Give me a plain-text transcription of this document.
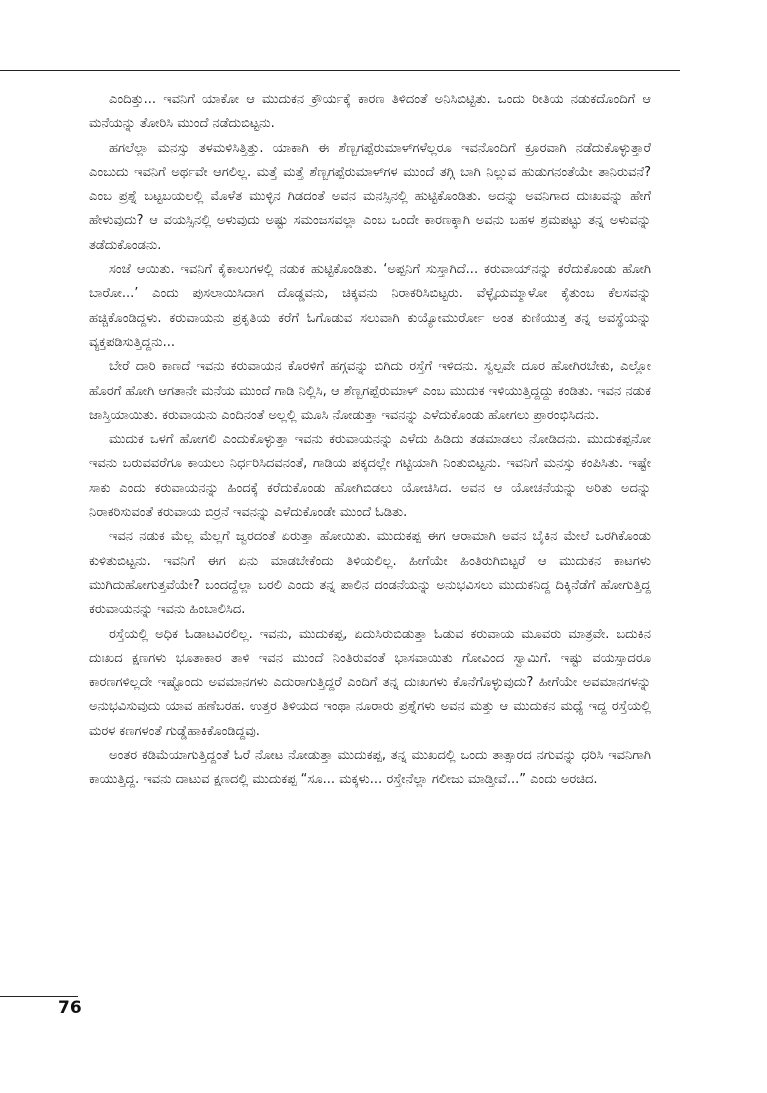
ಎಂದಿತ್ತು... ಇವನಿಗೆ ಯಾಕೋ ಆ ಮುದುಕನ ಕ್ರೌರ್ಯಕ್ಕೆ ಕಾರಣ ತಿಳಿದಂತೆ ಅನಿಸಿಬಿಟ್ಟಿತು. ಒಂದು ರೀತಿಯ ನಡುಕದೊಂದಿಗೆ ಆ ಮನೆಯನ್ನು ತೋರಿಸಿ ಮುಂದೆ ನಡೆದುಬಿಟ್ಟನು.

ಹಗಲೆಲ್ಲಾ ಮನಸ್ಸು ತಳಮಳಿಸಿತ್ತಿತ್ತು. ಯಾಕಾಗಿ ಈ ಶೆಣ್ಬಗಪ್ಪೆರುಮಾಳ್‍ಗಳೆಲ್ಲರೂ ಇವನೊಂದಿಗೆ ಕ್ರೂರವಾಗಿ ನಡೆದುಕೊಳ್ಳುತ್ತಾರೆ ಎಂಬುದು ಇವನಿಗೆ ಅರ್ಥವೇ ಆಗಲಿಲ್ಲ. ಮತ್ತೆ ಮತ್ತೆ ಶೆಣ್ಬಗಪ್ಪೆರುಮಾಳ್‍ಗಳ ಮುಂದೆ ತಗ್ಗಿ ಬಾಗಿ ನಿಲ್ಲುವ ಹುಡುಗನಂತೆಯೇ ತಾನಿರುವನೆ? ಎಂಬ ಪ್ರಶ್ನೆ ಬಟ್ಟಬಯಲಲ್ಲಿ ಮೊಳೆತ ಮುಳ್ಳಿನ ಗಿಡದಂತೆ ಅವನ ಮನಸ್ಸಿನಲ್ಲಿ ಹುಟ್ಟಿಕೊಂಡಿತು. ಅದನ್ನು ಅವನಿಗಾದ ದುಃಖವನ್ನು ಹೇಗೆ ಹೇಳುವುದು? ಆ ವಯಸ್ಸಿನಲ್ಲಿ ಅಳುವುದು ಅಷ್ಟು ಸಮಂಜಸವಲ್ಲಾ ಎಂಬ ಒಂದೇ ಕಾರಣಕ್ಕಾಗಿ ಅವನು ಬಹಳ ಶ್ರಮಪಟ್ಟು ತನ್ನ ಅಳುವನ್ನು ತಡೆದುಕೊಂಡನು.

ಸಂಜೆ ಆಯಿತು. ಇವನಿಗೆ ಕೈಕಾಲುಗಳಲ್ಲಿ ನಡುಕ ಹುಟ್ಟಿಕೊಂಡಿತು. ‘ಅಪ್ಪನಿಗೆ ಸುಸ್ತಾಗಿದೆ... ಕರುವಾಯ್‍ನನ್ನು ಕರೆದುಕೊಂಡು ಹೋಗಿ ಬಾರೋ...’ ಎಂದು ಪುಸಲಾಯಿಸಿದಾಗ ದೊಡ್ಡವನು, ಚಿಕ್ಕವನು ನಿರಾಕರಿಸಿಬಿಟ್ಟರು. ವೆಳ್ಳೈಯಮ್ಮಾಳೋ ಕೈತುಂಬ ಕೆಲಸವನ್ನು ಹಚ್ಚಿಕೊಂಡಿದ್ದಳು. ಕರುವಾಯನು ಪ್ರಕೃತಿಯ ಕರೆಗೆ ಓಗೊಡುವ ಸಲುವಾಗಿ ಕುಯ್ಯೋಮುರ್ರೋ ಅಂತ ಕುಣಿಯುತ್ತ ತನ್ನ ಅವಸ್ಥೆಯನ್ನು ವ್ಯಕ್ತಪಡಿಸುತ್ತಿದ್ದನು...

ಬೇರೆ ದಾರಿ ಕಾಣದೆ ಇವನು ಕರುವಾಯನ ಕೊರಳಿಗೆ ಹಗ್ಗವನ್ನು ಬಿಗಿದು ರಸ್ತೆಗೆ ಇಳಿದನು. ಸ್ವಲ್ಪವೇ ದೂರ ಹೋಗಿರಬೇಕು, ಎಲ್ಲೋ ಹೊರಗೆ ಹೋಗಿ ಆಗತಾನೇ ಮನೆಯ ಮುಂದೆ ಗಾಡಿ ನಿಲ್ಲಿಸಿ, ಆ ಶೆಣ್ಬಗಪ್ಪೆರುಮಾಳ್ ಎಂಬ ಮುದುಕ ಇಳಿಯುತ್ತಿದ್ದದ್ದು ಕಂಡಿತು. ಇವನ ನಡುಕ ಜಾಸ್ತಿಯಾಯಿತು. ಕರುವಾಯನು ಎಂದಿನಂತೆ ಅಲ್ಲಲ್ಲಿ ಮೂಸಿ ನೋಡುತ್ತಾ ಇವನನ್ನು ಎಳೆದುಕೊಂಡು ಹೋಗಲು ಪ್ರಾರಂಭಿಸಿದನು.

ಮುದುಕ ಒಳಗೆ ಹೋಗಲಿ ಎಂದುಕೊಳ್ಳುತ್ತಾ ಇವನು ಕರುವಾಯನನ್ನು ಎಳೆದು ಹಿಡಿದು ತಡಮಾಡಲು ನೋಡಿದನು. ಮುದುಕಪ್ಪನೋ ಇವನು ಬರುವವರೆಗೂ ಕಾಯಲು ನಿರ್ಧರಿಸಿದವನಂತೆ, ಗಾಡಿಯ ಪಕ್ಕದಲ್ಲೇ ಗಟ್ಟಿಯಾಗಿ ನಿಂತುಬಿಟ್ಟನು. ಇವನಿಗೆ ಮನಸ್ಸು ಕಂಪಿಸಿತು. ಇಷ್ಟೇ ಸಾಕು ಎಂದು ಕರುವಾಯನನ್ನು ಹಿಂದಕ್ಕೆ ಕರೆದುಕೊಂಡು ಹೋಗಿಬಿಡಲು ಯೋಚಿಸಿದ. ಅವನ ಆ ಯೋಚನೆಯನ್ನು ಅರಿತು ಅದನ್ನು ನಿರಾಕರಿಸುವಂತೆ ಕರುವಾಯ ಬಿರ್ರನೆ ಇವನನ್ನು ಎಳೆದುಕೊಂಡೇ ಮುಂದೆ ಓಡಿತು.

ಇವನ ನಡುಕ ಮೆಲ್ಲ ಮೆಲ್ಲಗೆ ಜ್ವರದಂತೆ ಏರುತ್ತಾ ಹೋಯಿತು. ಮುದುಕಪ್ಪ ಈಗ ಆರಾಮಾಗಿ ಅವನ ಬೈಕಿನ ಮೇಲೆ ಒರಗಿಕೊಂಡು ಕುಳಿತುಬಿಟ್ಟನು. ಇವನಿಗೆ ಈಗ ಏನು ಮಾಡಬೇಕೆಂದು ತಿಳಿಯಲಿಲ್ಲ. ಹೀಗೆಯೇ ಹಿಂತಿರುಗಿಬಿಟ್ಟರೆ ಆ ಮುದುಕನ ಕಾಟಗಳು ಮುಗಿದುಹೋಗುತ್ತವೆಯೇ? ಬಂದದ್ದೆಲ್ಲಾ ಬರಲಿ ಎಂದು ತನ್ನ ಪಾಲಿನ ದಂಡನೆಯನ್ನು ಅನುಭವಿಸಲು ಮುದುಕನಿದ್ದ ದಿಕ್ಕಿನೆಡೆಗೆ ಹೋಗುತ್ತಿದ್ದ ಕರುವಾಯನನ್ನು ಇವನು ಹಿಂಬಾಲಿಸಿದ.

ರಸ್ತೆಯಲ್ಲಿ ಅಧಿಕ ಓಡಾಟವಿರಲಿಲ್ಲ. ಇವನು, ಮುದುಕಪ್ಪ, ಏದುಸಿರುಬಿಡುತ್ತಾ ಓಡುವ ಕರುವಾಯ ಮೂವರು ಮಾತ್ರವೇ. ಬದುಕಿನ ದುಃಖದ ಕ್ಷಣಗಳು ಭೂತಾಕಾರ ತಾಳಿ ಇವನ ಮುಂದೆ ನಿಂತಿರುವಂತೆ ಭಾಸವಾಯಿತು ಗೋವಿಂದ ಸ್ವಾಮಿಗೆ. ಇಷ್ಟು ವಯಸ್ಸಾದರೂ ಕಾರಣಗಳಿಲ್ಲದೇ ಇಷ್ಟೊಂದು ಅವಮಾನಗಳು ಎದುರಾಗುತ್ತಿದ್ದರೆ ಎಂದಿಗೆ ತನ್ನ ದುಃಖಗಳು ಕೊನೆಗೊಳ್ಳುವುದು? ಹೀಗೆಯೇ ಅವಮಾನಗಳನ್ನು ಅನುಭವಿಸುವುದು ಯಾವ ಹಣೆಬರಹ. ಉತ್ತರ ತಿಳಿಯದ ಇಂಥಾ ನೂರಾರು ಪ್ರಶ್ನೆಗಳು ಅವನ ಮತ್ತು ಆ ಮುದುಕನ ಮಧ್ಯೆ ಇದ್ದ ರಸ್ತೆಯಲ್ಲಿ ಮರಳ ಕಣಗಳಂತೆ ಗುಡ್ಡೆಹಾಕಿಕೊಂಡಿದ್ದವು.

ಅಂತರ ಕಡಿಮೆಯಾಗುತ್ತಿದ್ದಂತೆ ಓರೆ ನೋಟ ನೋಡುತ್ತಾ ಮುದುಕಪ್ಪ, ತನ್ನ ಮುಖದಲ್ಲಿ ಒಂದು ತಾತ್ಸಾರದ ನಗುವನ್ನು ಧರಿಸಿ ಇವನಿಗಾಗಿ ಕಾಯುತ್ತಿದ್ದ. ಇವನು ದಾಟುವ ಕ್ಷಣದಲ್ಲಿ ಮುದುಕಪ್ಪ “ಸೂ... ಮಕ್ಕಳು... ರಸ್ತೇನೆಲ್ಲಾ ಗಲೀಜು ಮಾಡ್ತೀವೆ...” ಎಂದು ಅರಚಿದ.

76
